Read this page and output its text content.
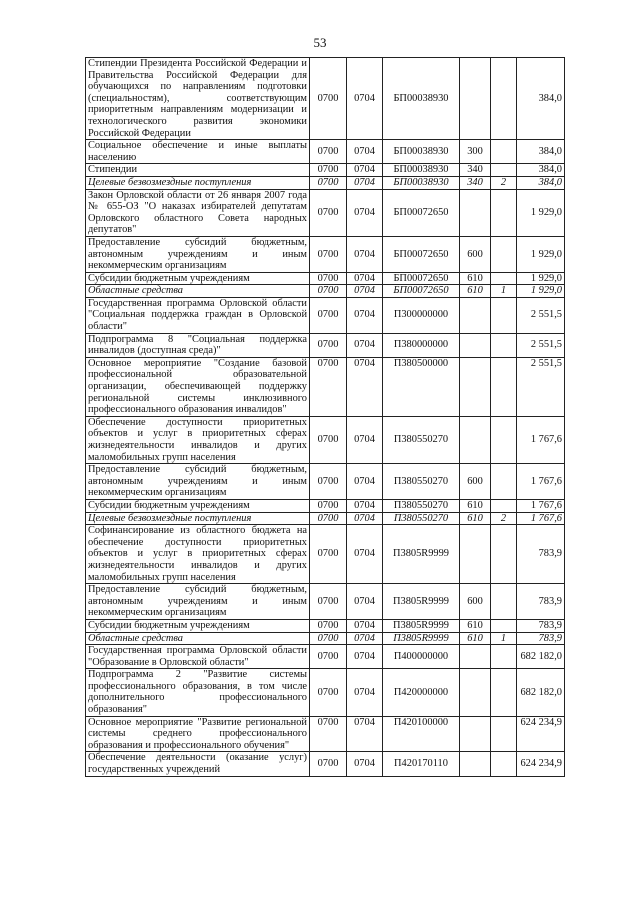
53
Стипендии Президента Российской Федерации и Правительства Российской Федерации для обучающихся по направлениям подготовки (специальностям), соответствующим приоритетным направлениям модернизации и технологического развития экономики Российской Федерации	0700	0704	БП00038930			384,0
Социальное обеспечение и иные выплаты населению	0700	0704	БП00038930	300		384,0
Стипендии	0700	0704	БП00038930	340		384,0
Целевые безвозмездные поступления	0700	0704	БП00038930	340	2	384,0
Закон Орловской области от 26 января 2007 года № 655-ОЗ "О наказах избирателей депутатам Орловского областного Совета народных депутатов"	0700	0704	БП00072650			1 929,0
Предоставление субсидий бюджетным, автономным учреждениям и иным некоммерческим организациям	0700	0704	БП00072650	600		1 929,0
Субсидии бюджетным учреждениям	0700	0704	БП00072650	610		1 929,0
Областные средства	0700	0704	БП00072650	610	1	1 929,0
Государственная программа Орловской области "Социальная поддержка граждан в Орловской области"	0700	0704	П300000000			2 551,5
Подпрограмма 8 "Социальная поддержка инвалидов (доступная среда)"	0700	0704	П380000000			2 551,5
Основное мероприятие "Создание базовой профессиональной образовательной организации, обеспечивающей поддержку региональной системы инклюзивного профессионального образования инвалидов"	0700	0704	П380500000			2 551,5
Обеспечение доступности приоритетных объектов и услуг в приоритетных сферах жизнедеятельности инвалидов и других маломобильных групп населения	0700	0704	П380550270			1 767,6
Предоставление субсидий бюджетным, автономным учреждениям и иным некоммерческим организациям	0700	0704	П380550270	600		1 767,6
Субсидии бюджетным учреждениям	0700	0704	П380550270	610		1 767,6
Целевые безвозмездные поступления	0700	0704	П380550270	610	2	1 767,6
Софинансирование из областного бюджета на обеспечение доступности приоритетных объектов и услуг в приоритетных сферах жизнедеятельности инвалидов и других маломобильных групп населения	0700	0704	П3805R9999			783,9
Предоставление субсидий бюджетным, автономным учреждениям и иным некоммерческим организациям	0700	0704	П3805R9999	600		783,9
Субсидии бюджетным учреждениям	0700	0704	П3805R9999	610		783,9
Областные средства	0700	0704	П3805R9999	610	1	783,9
Государственная программа Орловской области "Образование в Орловской области"	0700	0704	П400000000			682 182,0
Подпрограмма 2 "Развитие системы профессионального образования, в том числе дополнительного профессионального образования"	0700	0704	П420000000			682 182,0
Основное мероприятие "Развитие региональной системы среднего профессионального образования и профессионального обучения"	0700	0704	П420100000			624 234,9
Обеспечение деятельности (оказание услуг) государственных учреждений	0700	0704	П420170110			624 234,9
